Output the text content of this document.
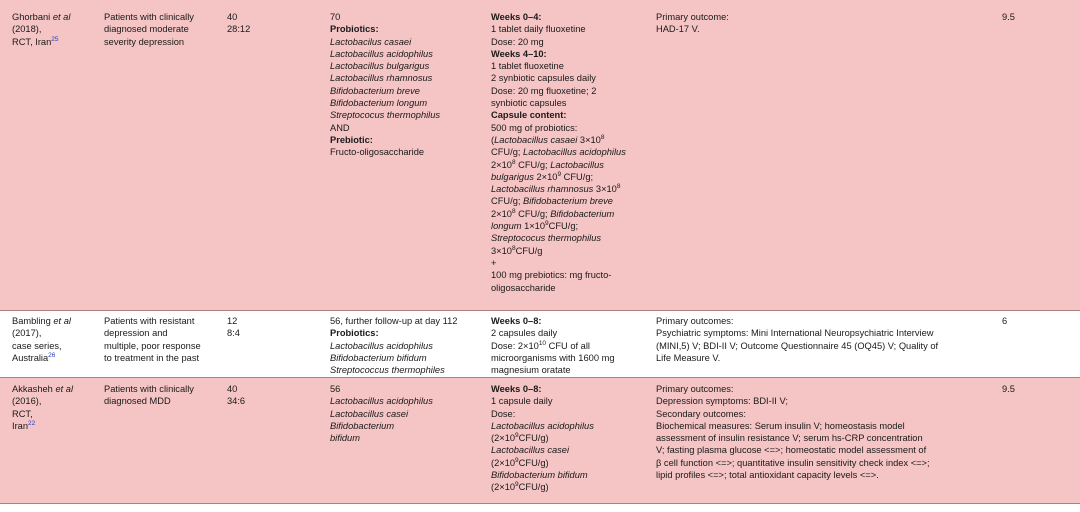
Ghorbani et al
(2018),
RCT, Iran$^{25}$
Patients with clinically
diagnosed moderate
severity depression
40
28:12
70
Probiotics:
Lactobacilus casaei
Lactobacillus acidophilus
Lactobacillus bulgarigus
Lactobacillus rhamnosus
Bifidobacterium breve
Bifidobacterium longum
Streptococus thermophilus
AND
Prebiotic:
Fructo-oligosaccharide
Weeks 0–4:
1 tablet daily fluoxetine
Dose: 20 mg
Weeks 4–10:
1 tablet fluoxetine
2 synbiotic capsules daily
Dose: 20 mg fluoxetine; 2
synbiotic capsules
Capsule content:
500 mg of probiotics:
(Lactobacillus casaei $3\times 10^8$
CFU/g; Lactobacillus acidophilus
$2\times 10^8$ CFU/g; Lactobacillus
bulgarigus $2\times 10^9$ CFU/g;
Lactobacillus rhamnosus $3\times 10^8$
CFU/g; Bifidobacterium breve
$2\times 10^8$ CFU/g; Bifidobacterium
longum $1\times 10^9CFU/g$;
Streptococus thermophilus
$3\times 10^8CFU/g$
+
100 mg prebiotics: mg fructo-
oligosaccharide
Primary outcome:
HAD-17 V.
9.5
Bambling et al
(2017),
case series,
Australia$^{26}$
Patients with resistant
depression and
multiple, poor response
to treatment in the past
12
8:4
56, further follow-up at day 112
Probiotics:
Lactobacillus acidophilus
Bifidobacterium bifidum
Streptococcus thermophiles
Weeks 0–8:
2 capsules daily
Dose: $2\times 10^{10}$ CFU of all
microorganisms with 1600 mg
magnesium oratate
Primary outcomes:
Psychiatric symptoms: Mini International Neuropsychiatric Interview
(MINI,5) V; BDI-II V; Outcome Questionnaire 45 (OQ45) V; Quality of
Life Measure V.
6
Akkasheh et al
(2016),
RCT,
Iran$^{22}$
Patients with clinically
diagnosed MDD
40
34:6
56
Lactobacillus acidophilus
Lactobacillus casei
Bifidobacterium
bifidum
Weeks 0–8:
1 capsule daily
Dose:
Lactobacillus acidophilus
$(2\times 10^9CFU/g)$
Lactobacillus casei
$(2\times 10^9CFU/g)$
Bifidobacterium bifidum
$(2\times 10^9CFU/g)$
Primary outcomes:
Depression symptoms: BDI-II V;
Secondary outcomes:
Biochemical measures: Serum insulin V; homeostasis model
assessment of insulin resistance V; serum hs-CRP concentration
V; fasting plasma glucose <=>; homeostatic model assessment of
β cell function <=>; quantitative insulin sensitivity check index <=>;
lipid profiles <=>; total antioxidant capacity levels <=>.
9.5
